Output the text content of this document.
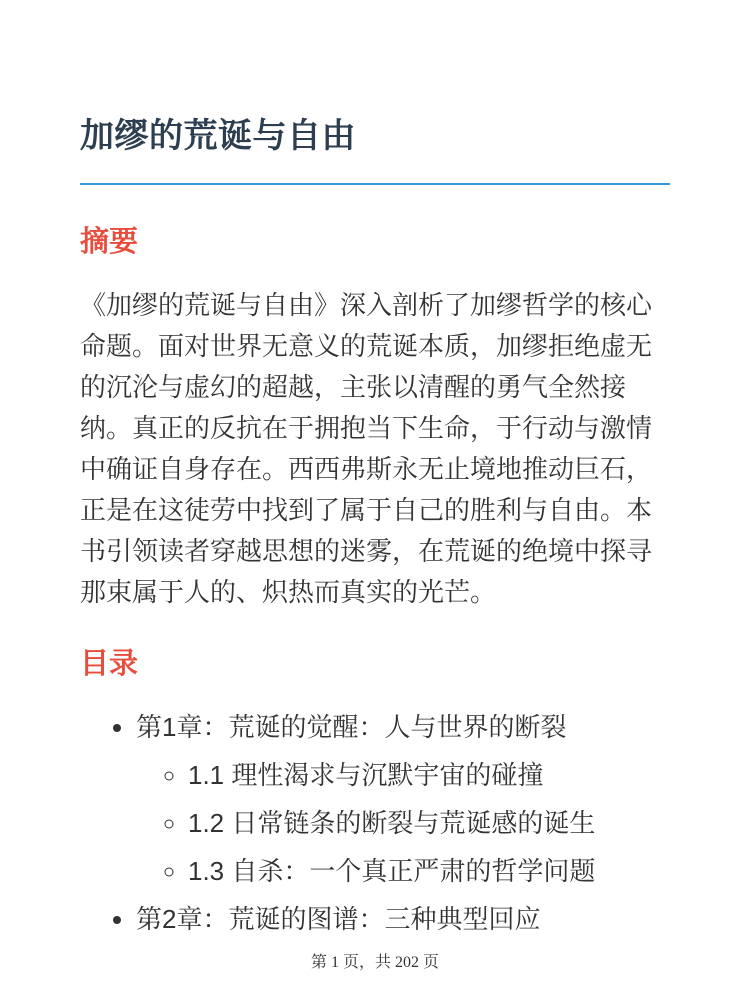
加缪的荒诞与自由
摘要

《加缪的荒诞与自由》深入剖析了加缪哲学的核心命题。面对世界无意义的荒诞本质，加缪拒绝虚无的沉沦与虚幻的超越，主张以清醒的勇气全然接纳。真正的反抗在于拥抱当下生命，于行动与激情中确证自身存在。西西弗斯永无止境地推动巨石，正是在这徒劳中找到了属于自己的胜利与自由。本书引领读者穿越思想的迷雾，在荒诞的绝境中探寻那束属于人的、炽热而真实的光芒。

目录
• 第1章：荒诞的觉醒：人与世界的断裂
◦ 1.1 理性渴求与沉默宇宙的碰撞
◦ 1.2 日常链条的断裂与荒诞感的诞生
◦ 1.3 自杀：一个真正严肃的哲学问题
• 第2章：荒诞的图谱：三种典型回应
第 1 页，共 202 页
